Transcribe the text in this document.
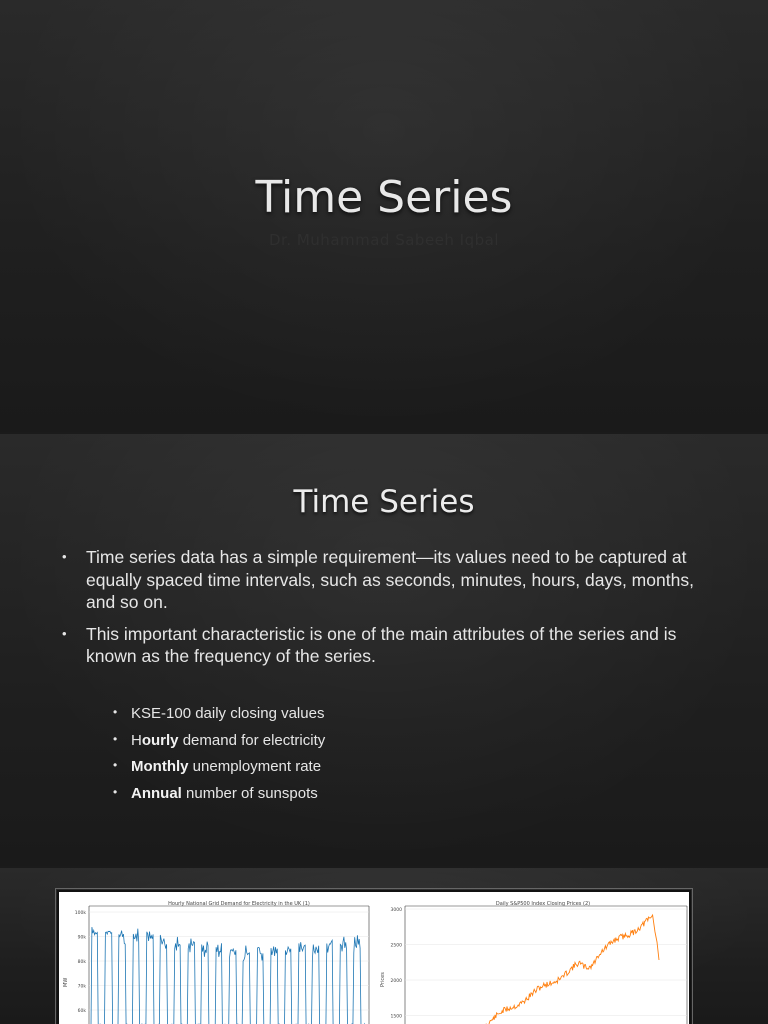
Time Series
Dr. Muhammad Sabeeh Iqbal
Time Series
• Time series data has a simple requirement—its values need to be captured at equally spaced time intervals, such as seconds, minutes, hours, days, months, and so on.
• This important characteristic is one of the main attributes of the series and is known as the frequency of the series.
• KSE-100 daily closing values
• Hourly demand for electricity
• Monthly unemployment rate
• Annual number of sunspots
Hourly National Grid Demand for Electricity in the UK (1)
MW
100k
90k
80k
70k
60k
Daily S&P500 Index Closing Prices (2)
Prices
3000
2500
2000
1500
